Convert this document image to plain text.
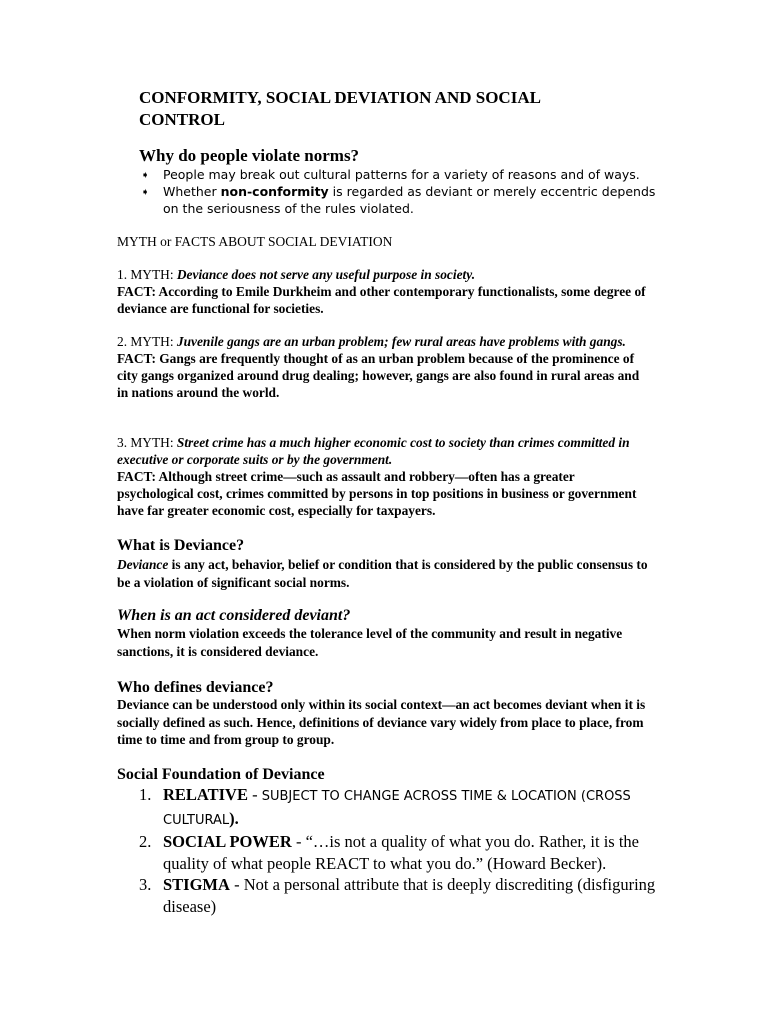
CONFORMITY, SOCIAL DEVIATION AND SOCIAL CONTROL
Why do people violate norms?
➧ People may break out cultural patterns for a variety of reasons and of ways.
➧ Whether non-conformity is regarded as deviant or merely eccentric depends on the seriousness of the rules violated.

MYTH or FACTS ABOUT SOCIAL DEVIATION

1. MYTH: Deviance does not serve any useful purpose in society.
FACT: According to Emile Durkheim and other contemporary functionalists, some degree of deviance are functional for societies.

2. MYTH: Juvenile gangs are an urban problem; few rural areas have problems with gangs.
FACT: Gangs are frequently thought of as an urban problem because of the prominence of city gangs organized around drug dealing; however, gangs are also found in rural areas and in nations around the world.

3. MYTH: Street crime has a much higher economic cost to society than crimes committed in executive or corporate suits or by the government.
FACT: Although street crime—such as assault and robbery—often has a greater psychological cost, crimes committed by persons in top positions in business or government have far greater economic cost, especially for taxpayers.

What is Deviance?

Deviance is any act, behavior, belief or condition that is considered by the public consensus to be a violation of significant social norms.

When is an act considered deviant?

When norm violation exceeds the tolerance level of the community and result in negative sanctions, it is considered deviance.

Who defines deviance?

Deviance can be understood only within its social context—an act becomes deviant when it is socially defined as such. Hence, definitions of deviance vary widely from place to place, from time to time and from group to group.

Social Foundation of Deviance
1. RELATIVE - SUBJECT TO CHANGE ACROSS TIME & LOCATION (CROSS CULTURAL).
2. SOCIAL POWER - “…is not a quality of what you do. Rather, it is the quality of what people REACT to what you do.” (Howard Becker).
3. STIGMA - Not a personal attribute that is deeply discrediting (disfiguring disease)
